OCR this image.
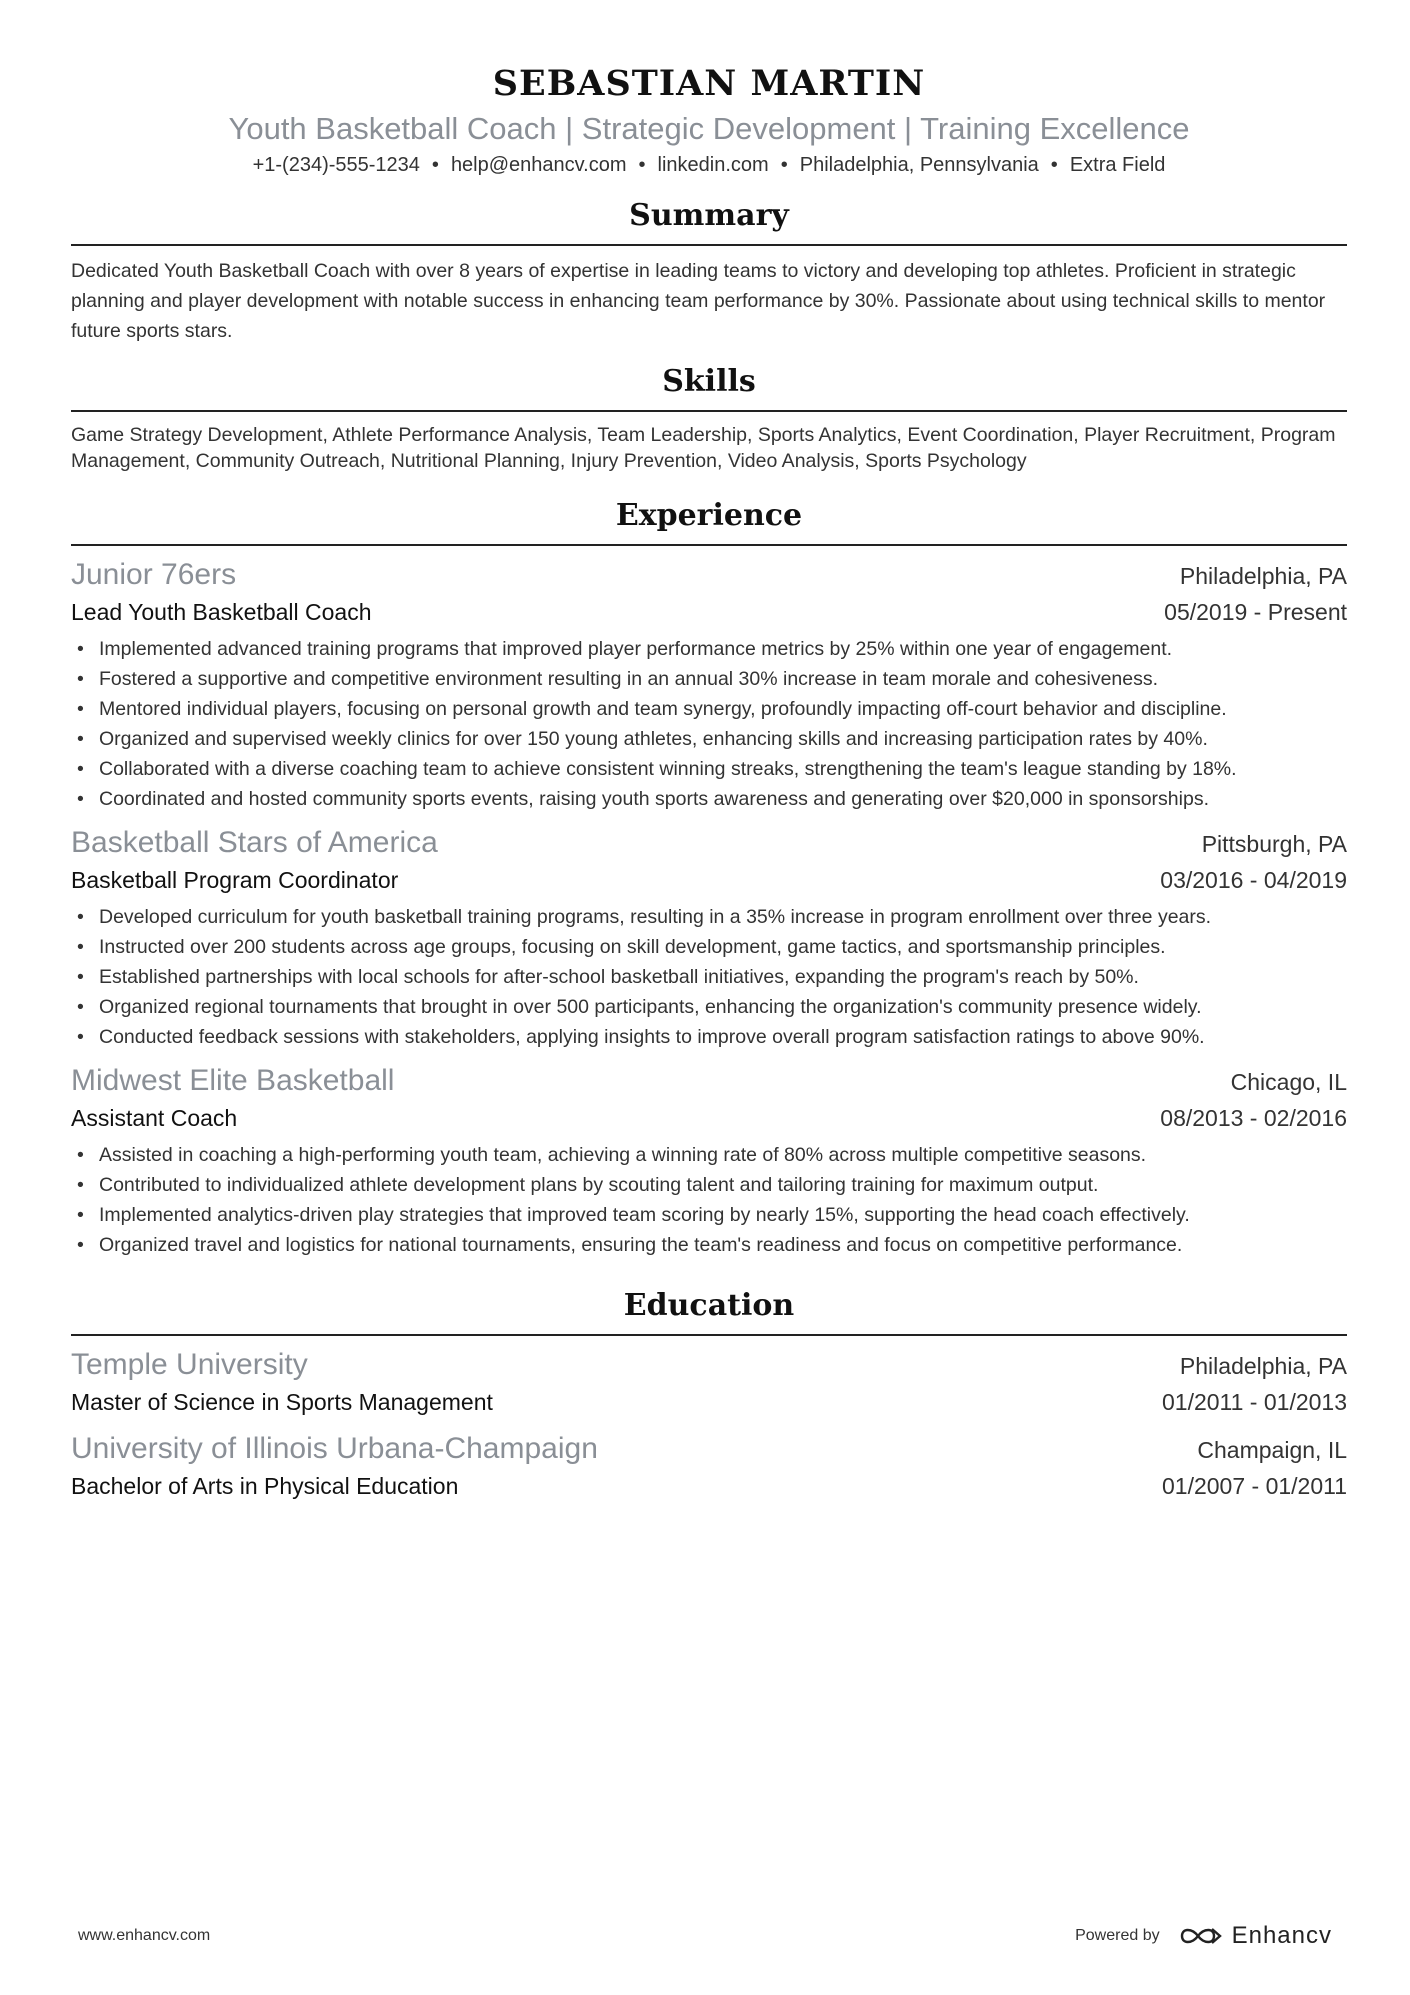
SEBASTIAN MARTIN
Youth Basketball Coach | Strategic Development | Training Excellence
+1-(234)-555-1234 • help@enhancv.com • linkedin.com • Philadelphia, Pennsylvania • Extra Field
Summary
Dedicated Youth Basketball Coach with over 8 years of expertise in leading teams to victory and developing top athletes. Proficient in strategic planning and player development with notable success in enhancing team performance by 30%. Passionate about using technical skills to mentor future sports stars.
Skills
Game Strategy Development, Athlete Performance Analysis, Team Leadership, Sports Analytics, Event Coordination, Player Recruitment, Program Management, Community Outreach, Nutritional Planning, Injury Prevention, Video Analysis, Sports Psychology
Experience
Junior 76ers	Philadelphia, PA
Lead Youth Basketball Coach	05/2019 - Present
• Implemented advanced training programs that improved player performance metrics by 25% within one year of engagement.
• Fostered a supportive and competitive environment resulting in an annual 30% increase in team morale and cohesiveness.
• Mentored individual players, focusing on personal growth and team synergy, profoundly impacting off-court behavior and discipline.
• Organized and supervised weekly clinics for over 150 young athletes, enhancing skills and increasing participation rates by 40%.
• Collaborated with a diverse coaching team to achieve consistent winning streaks, strengthening the team's league standing by 18%.
• Coordinated and hosted community sports events, raising youth sports awareness and generating over $20,000 in sponsorships.
Basketball Stars of America	Pittsburgh, PA
Basketball Program Coordinator	03/2016 - 04/2019
• Developed curriculum for youth basketball training programs, resulting in a 35% increase in program enrollment over three years.
• Instructed over 200 students across age groups, focusing on skill development, game tactics, and sportsmanship principles.
• Established partnerships with local schools for after-school basketball initiatives, expanding the program's reach by 50%.
• Organized regional tournaments that brought in over 500 participants, enhancing the organization's community presence widely.
• Conducted feedback sessions with stakeholders, applying insights to improve overall program satisfaction ratings to above 90%.
Midwest Elite Basketball	Chicago, IL
Assistant Coach	08/2013 - 02/2016
• Assisted in coaching a high-performing youth team, achieving a winning rate of 80% across multiple competitive seasons.
• Contributed to individualized athlete development plans by scouting talent and tailoring training for maximum output.
• Implemented analytics-driven play strategies that improved team scoring by nearly 15%, supporting the head coach effectively.
• Organized travel and logistics for national tournaments, ensuring the team's readiness and focus on competitive performance.
Education
Temple University	Philadelphia, PA
Master of Science in Sports Management	01/2011 - 01/2013
University of Illinois Urbana-Champaign	Champaign, IL
Bachelor of Arts in Physical Education	01/2007 - 01/2011
www.enhancv.com	Powered by	Enhancv
